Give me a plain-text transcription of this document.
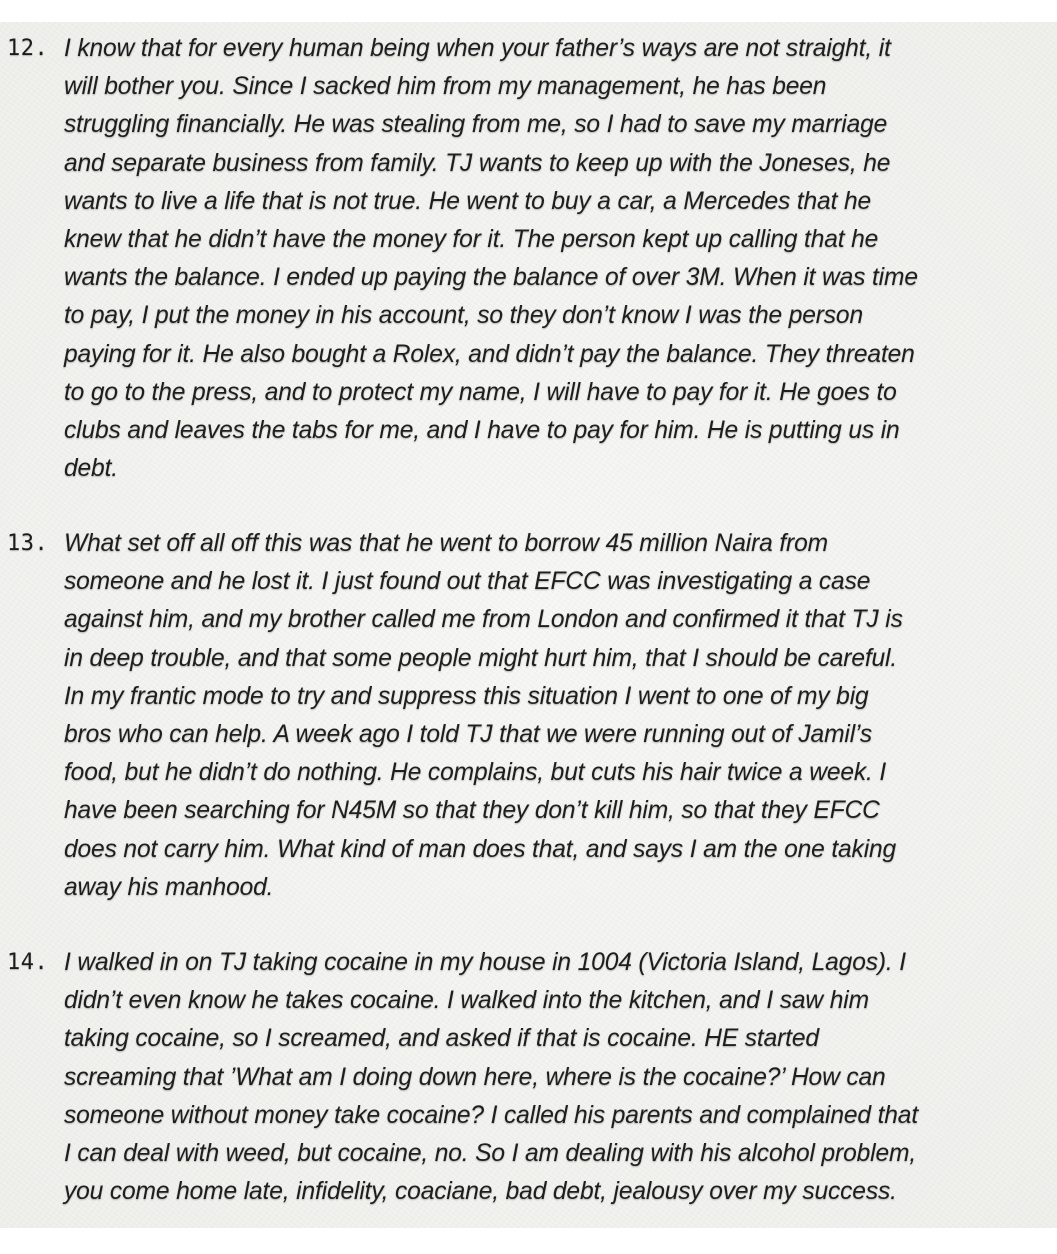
12. I know that for every human being when your father’s ways are not straight, it
will bother you. Since I sacked him from my management, he has been
struggling financially. He was stealing from me, so I had to save my marriage
and separate business from family. TJ wants to keep up with the Joneses, he
wants to live a life that is not true. He went to buy a car, a Mercedes that he
knew that he didn’t have the money for it. The person kept up calling that he
wants the balance. I ended up paying the balance of over 3M. When it was time
to pay, I put the money in his account, so they don’t know I was the person
paying for it. He also bought a Rolex, and didn’t pay the balance. They threaten
to go to the press, and to protect my name, I will have to pay for it. He goes to
clubs and leaves the tabs for me, and I have to pay for him. He is putting us in
debt.

13. What set off all off this was that he went to borrow 45 million Naira from
someone and he lost it. I just found out that EFCC was investigating a case
against him, and my brother called me from London and confirmed it that TJ is
in deep trouble, and that some people might hurt him, that I should be careful.
In my frantic mode to try and suppress this situation I went to one of my big
bros who can help. A week ago I told TJ that we were running out of Jamil’s
food, but he didn’t do nothing. He complains, but cuts his hair twice a week. I
have been searching for N45M so that they don’t kill him, so that they EFCC
does not carry him. What kind of man does that, and says I am the one taking
away his manhood.

14. I walked in on TJ taking cocaine in my house in 1004 (Victoria Island, Lagos). I
didn’t even know he takes cocaine. I walked into the kitchen, and I saw him
taking cocaine, so I screamed, and asked if that is cocaine. HE started
screaming that ’What am I doing down here, where is the cocaine?’ How can
someone without money take cocaine? I called his parents and complained that
I can deal with weed, but cocaine, no. So I am dealing with his alcohol problem,
you come home late, infidelity, coaciane, bad debt, jealousy over my success.
